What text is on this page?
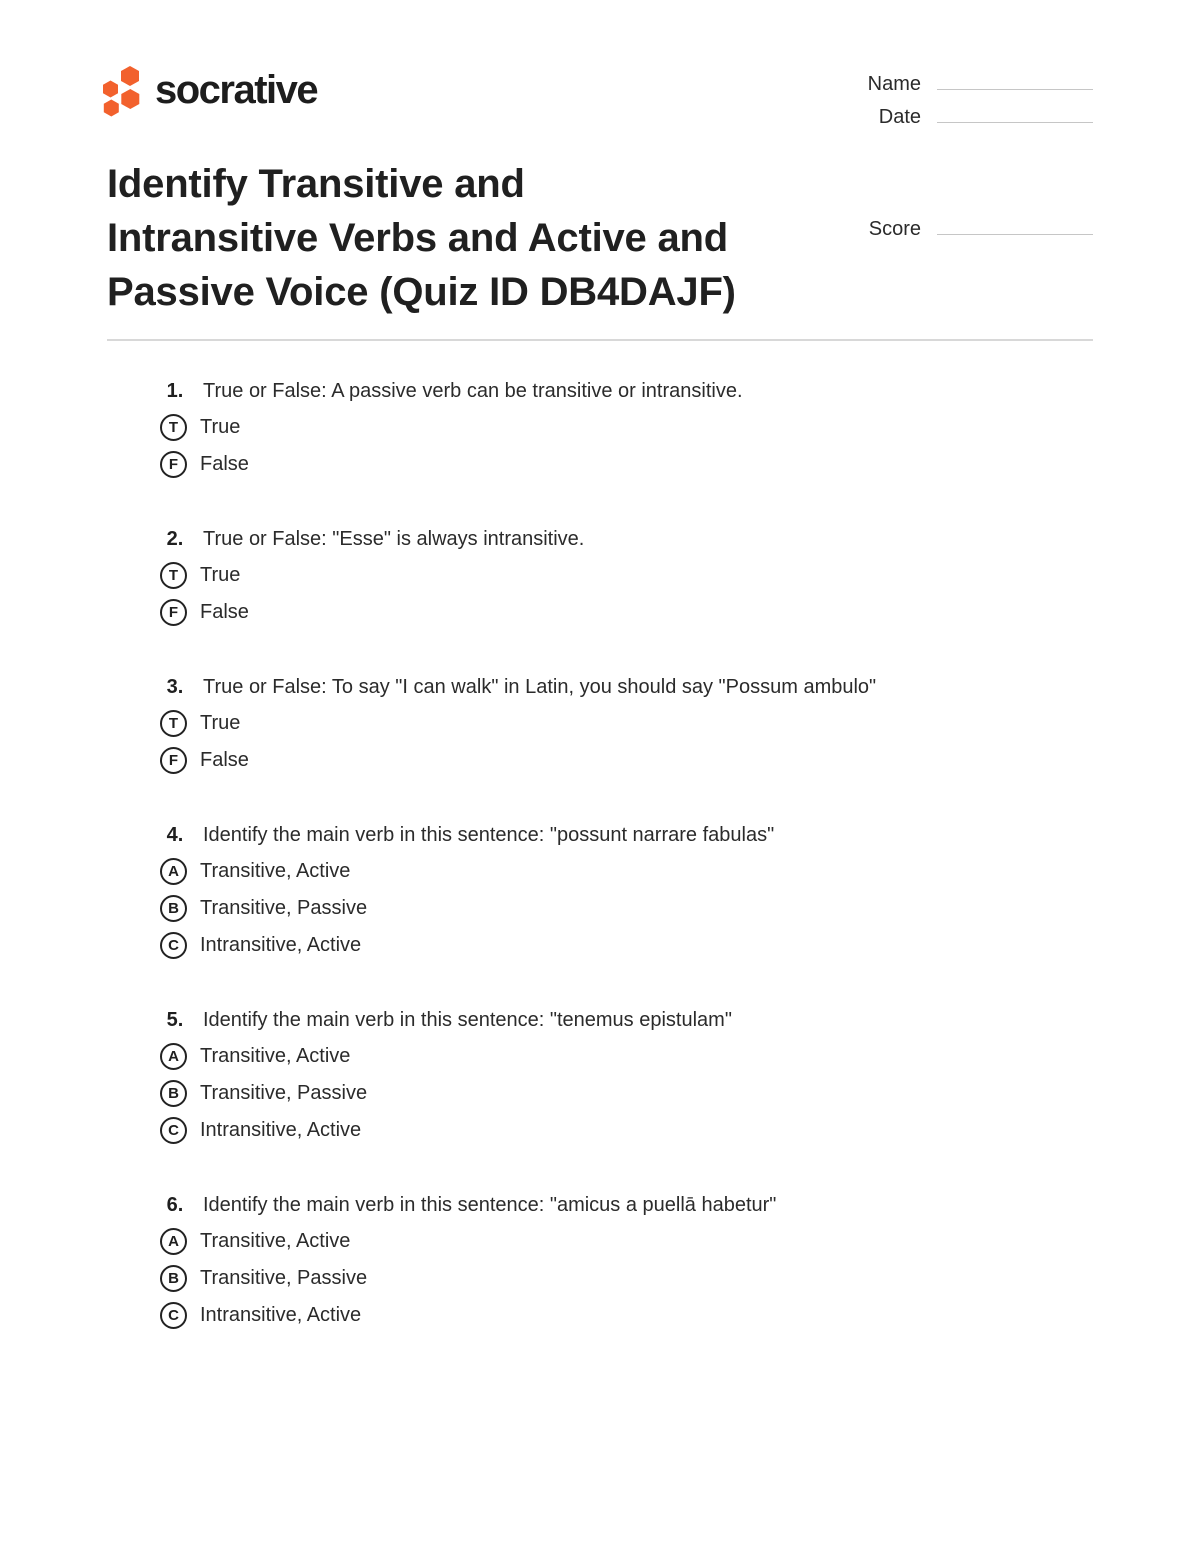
socrative	Name
Date
Identify Transitive and
Intransitive Verbs and Active and
Passive Voice (Quiz ID DB4DAJF)
Score
1. True or False: A passive verb can be transitive or intransitive.
T	True
F	False
2. True or False: "Esse" is always intransitive.
T	True
F	False
3. True or False: To say "I can walk" in Latin, you should say "Possum ambulo"
T	True
F	False
4. Identify the main verb in this sentence: "possunt narrare fabulas"
A	Transitive, Active
B	Transitive, Passive
C	Intransitive, Active
5. Identify the main verb in this sentence: "tenemus epistulam"
A	Transitive, Active
B	Transitive, Passive
C	Intransitive, Active
6. Identify the main verb in this sentence: "amicus a puellā habetur"
A	Transitive, Active
B	Transitive, Passive
C	Intransitive, Active
